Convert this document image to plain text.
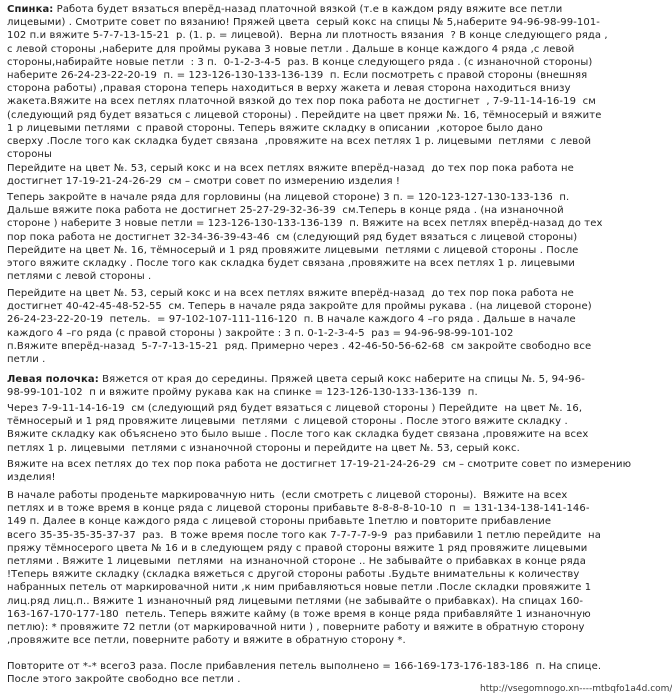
Спинка: Работа будет вязаться вперёд-назад платочной вязкой (т.е в каждом ряду вяжите все петли
лицевыми) . Смотрите совет по вязанию! Пряжей цвета  серый кокс на спицы № 5,наберите 94-96-98-99-101-
102 п.и вяжите 5-7-7-13-15-21  р. (1. р. = лицевой).  Верна ли плотность вязания  ? В конце следующего ряда ,
с левой стороны ,наберите для проймы рукава 3 новые петли . Дальше в конце каждого 4 ряда ,с левой
стороны,набирайте новые петли  : 3 п.  0-1-2-3-4-5  раз. В конце следующего ряда . (с изнаночной стороны)
наберите 26-24-23-22-20-19  п. = 123-126-130-133-136-139  п. Если посмотреть с правой стороны (внешняя
сторона работы) ,правая сторона теперь находиться в верху жакета и левая сторона находиться внизу
жакета.Вяжите на всех петлях платочной вязкой до тех пор пока работа не достигнет  , 7-9-11-14-16-19  см
(следующий ряд будет вязаться с лицевой стороны) . Перейдите на цвет пряжи №. 16, тёмносерый и вяжите
1 р лицевыми петлями  с правой стороны. Теперь вяжите складку в описании  ,которое было дано
сверху .После того как складка будет связана  ,провяжите на всех петлях 1 р. лицевыми  петлями  с левой
стороны

Перейдите на цвет №. 53, серый кокс и на всех петлях вяжите вперёд-назад  до тех пор пока работа не
достигнет 17-19-21-24-26-29  см – смотри совет по измерению изделия !

Теперь закройте в начале ряда для горловины (на лицевой стороне) 3 п. = 120-123-127-130-133-136  п.
Дальше вяжите пока работа не достигнет 25-27-29-32-36-39  см.Теперь в конце ряда . (на изнаночной
стороне ) наберите 3 новые петли = 123-126-130-133-136-139  п. Вяжите на всех петлях вперёд-назад до тех
пор пока работа не достигнет 32-34-36-39-43-46  см (следующий ряд будет вязаться с лицевой стороны)
Перейдите на цвет №. 16, тёмносерый и 1 ряд провяжите лицевыми  петлями с лицевой стороны . После
этого вяжите складку . После того как складка будет связана ,провяжите на всех петлях 1 р. лицевыми
петлями с левой стороны .

Перейдите на цвет №. 53, серый кокс и на всех петлях вяжите вперёд-назад  до тех пор пока работа не
достигнет 40-42-45-48-52-55  см. Теперь в начале ряда закройте для проймы рукава . (на лицевой стороне)
26-24-23-22-20-19  петель.  = 97-102-107-111-116-120  п. В начале каждого 4 –го ряда . Дальше в начале
каждого 4 –го ряда (с правой стороны ) закройте : 3 п. 0-1-2-3-4-5  раз = 94-96-98-99-101-102
п.Вяжите вперёд-назад  5-7-7-13-15-21  ряд. Примерно через . 42-46-50-56-62-68  см закройте свободно все
петли .

Левая полочка: Вяжется от края до середины. Пряжей цвета серый кокс наберите на спицы №. 5, 94-96-
98-99-101-102  п и вяжите пройму рукава как на спинке = 123-126-130-133-136-139  п.

Через 7-9-11-14-16-19  см (следующий ряд будет вязаться с лицевой стороны ) Перейдите  на цвет №. 16,
тёмносерый и 1 ряд провяжите лицевыми  петлями  с лицевой стороны . После этого вяжите складку .
Вяжите складку как объяснено это было выше . После того как складка будет связана ,провяжите на всех
петлях 1 р. лицевыми  петлями с изнаночной стороны и перейдите на цвет №. 53, серый кокс.

Вяжите на всех петлях до тех пор пока работа не достигнет 17-19-21-24-26-29  см – смотрите совет по измерению
изделия!

В начале работы проденьте маркировачную нить  (если смотреть с лицевой стороны).  Вяжите на всех
петлях и в тоже время в конце ряда с лицевой стороны прибавьте 8-8-8-8-10-10  п  = 131-134-138-141-146-
149 п. Далее в конце каждого ряда с лицевой стороны прибавьте 1петлю и повторите прибавление
всего 35-35-35-35-37-37  раз.  В тоже время после того как 7-7-7-7-9-9  раз прибавили 1 петлю перейдите  на
пряжу тёмносерого цвета № 16 и в следующем ряду с правой стороны вяжите 1 ряд провяжите лицевыми
петлями . Вяжите 1 лицевыми  петлями  на изнаночной стороне .. Не забывайте о прибавках в конце ряда
!Теперь вяжите складку (складка вяжеться с другой стороны работы .Будьте внимательны к количеству
набранных петель от маркировачной нити ,к ним прибавляються новые петли .После складки провяжите 1
лиц.ряд лиц.п.. Вяжите 1 изнаночный ряд лицевыми петлями (не забывайте о прибавках). На спицах 160-
163-167-170-177-180  петель. Теперь вяжите кайму (в тоже время в конце ряда прибавляйте 1 изнаночную
петлю): * провяжите 72 петли (от маркировачной нити ) , поверните работу и вяжите в обратную сторону
,провяжите все петли, поверните работу и вяжите в обратную сторону *.

Повторите от *-* всего3 раза. После прибавления петель выполнено = 166-169-173-176-183-186  п. На спице.
После этого закройте свободно все петли .

http://vsegomnogo.xn----mtbqfo1a4d.com/
